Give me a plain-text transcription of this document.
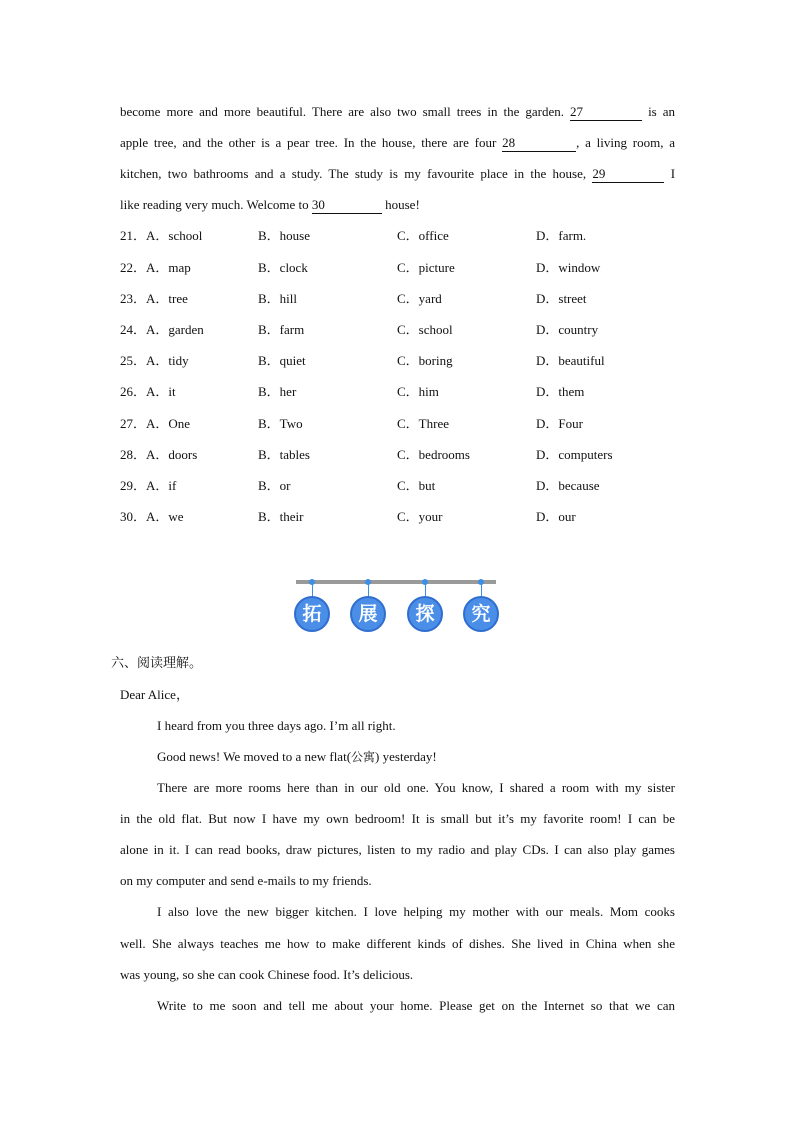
become more and more beautiful. There are also two small trees in the garden. 27	is an
apple tree, and the other is a pear tree. In the house, there are four 28	, a living room, a
kitchen, two bathrooms and a study. The study is my favourite place in the house, 29	I
like reading very much. Welcome to 30	house!
21．A．school	B．house	C．office	D．farm.
22．A．map	B．clock	C．picture	D．window
23．A．tree	B．hill	C．yard	D．street
24．A．garden	B．farm	C．school	D．country
25．A．tidy	B．quiet	C．boring	D．beautiful
26．A．it	B．her	C．him	D．them
27．A．One	B．Two	C．Three	D．Four
28．A．doors	B．tables	C．bedrooms	D．computers
29．A．if	B．or	C．but	D．because
30．A．we	B．their	C．your	D．our
拓	展	探	究
六、阅读理解。
Dear Alice，
I heard from you three days ago. I’m all right.
Good news! We moved to a new flat(公寓) yesterday!
There are more rooms here than in our old one. You know, I shared a room with my sister
in the old flat. But now I have my own bedroom! It is small but it’s my favorite room! I can be
alone in it. I can read books, draw pictures, listen to my radio and play CDs. I can also play games
on my computer and send e-mails to my friends.
I also love the new bigger kitchen. I love helping my mother with our meals. Mom cooks
well. She always teaches me how to make different kinds of dishes. She lived in China when she
was young, so she can cook Chinese food. It’s delicious.
Write to me soon and tell me about your home. Please get on the Internet so that we can
